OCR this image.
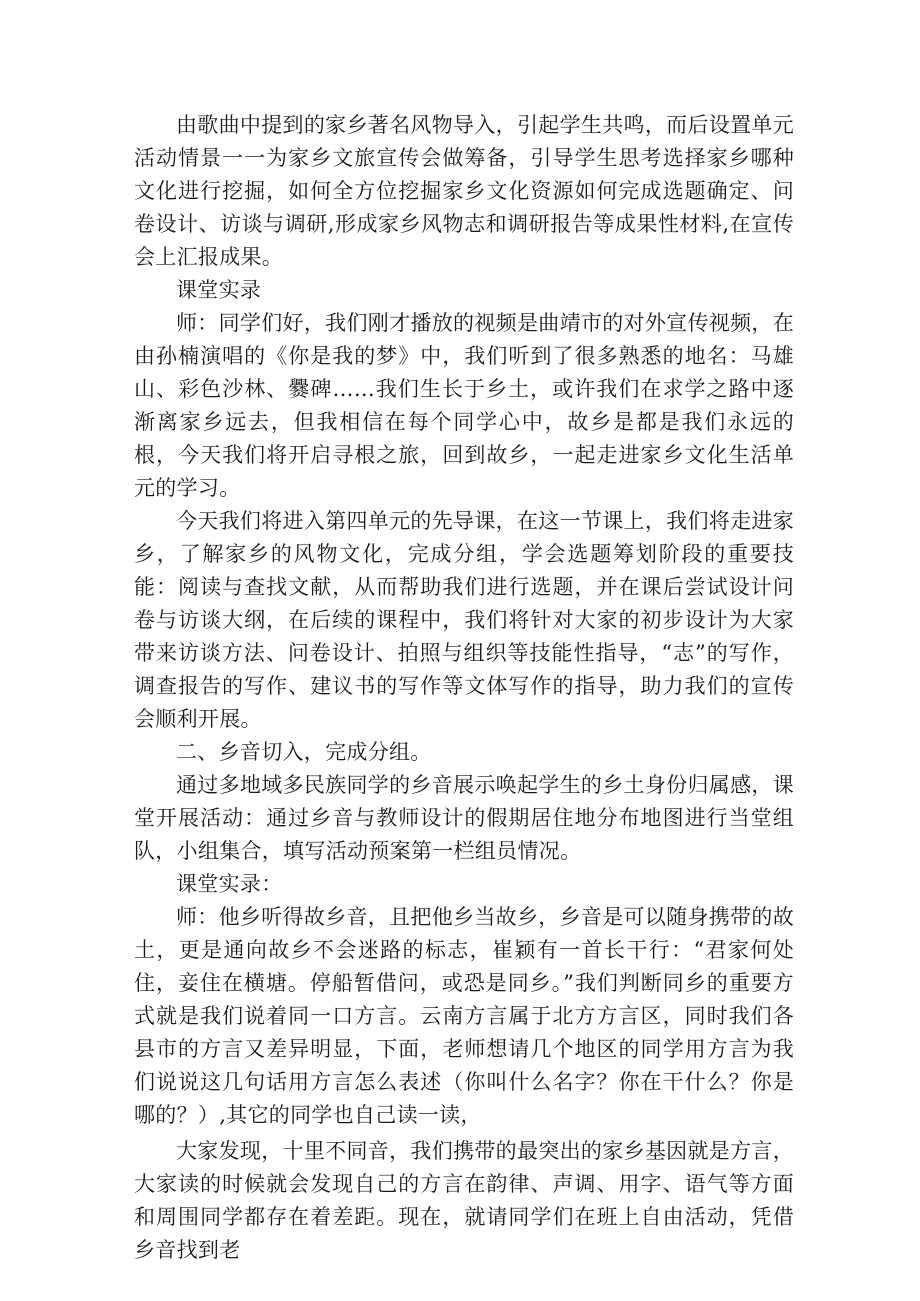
由歌曲中提到的家乡著名风物导入，引起学生共鸣，而后设置单元活动情景一一为家乡文旅宣传会做筹备，引导学生思考选择家乡哪种文化进行挖掘，如何全方位挖掘家乡文化资源如何完成选题确定、问卷设计、访谈与调研,形成家乡风物志和调研报告等成果性材料,在宣传会上汇报成果。

课堂实录

师：同学们好，我们刚才播放的视频是曲靖市的对外宣传视频，在由孙楠演唱的《你是我的梦》中，我们听到了很多熟悉的地名：马雄山、彩色沙林、爨碑……我们生长于乡土，或许我们在求学之路中逐渐离家乡远去，但我相信在每个同学心中，故乡是都是我们永远的根，今天我们将开启寻根之旅，回到故乡，一起走进家乡文化生活单元的学习。

今天我们将进入第四单元的先导课，在这一节课上，我们将走进家乡，了解家乡的风物文化，完成分组，学会选题筹划阶段的重要技能：阅读与查找文献，从而帮助我们进行选题，并在课后尝试设计问卷与访谈大纲，在后续的课程中，我们将针对大家的初步设计为大家带来访谈方法、问卷设计、拍照与组织等技能性指导，“志”的写作，调查报告的写作、建议书的写作等文体写作的指导，助力我们的宣传会顺利开展。

二、乡音切入，完成分组。

通过多地域多民族同学的乡音展示唤起学生的乡土身份归属感，课堂开展活动：通过乡音与教师设计的假期居住地分布地图进行当堂组队，小组集合，填写活动预案第一栏组员情况。

课堂实录：

师：他乡听得故乡音，且把他乡当故乡，乡音是可以随身携带的故土，更是通向故乡不会迷路的标志，崔颖有一首长干行：“君家何处住，妾住在横塘。停船暂借问，或恐是同乡。”我们判断同乡的重要方式就是我们说着同一口方言。云南方言属于北方方言区，同时我们各县市的方言又差异明显，下面，老师想请几个地区的同学用方言为我们说说这几句话用方言怎么表述（你叫什么名字？你在干什么？你是哪的？）,其它的同学也自己读一读，

大家发现，十里不同音，我们携带的最突出的家乡基因就是方言，大家读的时候就会发现自己的方言在韵律、声调、用字、语气等方面和周围同学都存在着差距。现在，就请同学们在班上自由活动，凭借乡音找到老
